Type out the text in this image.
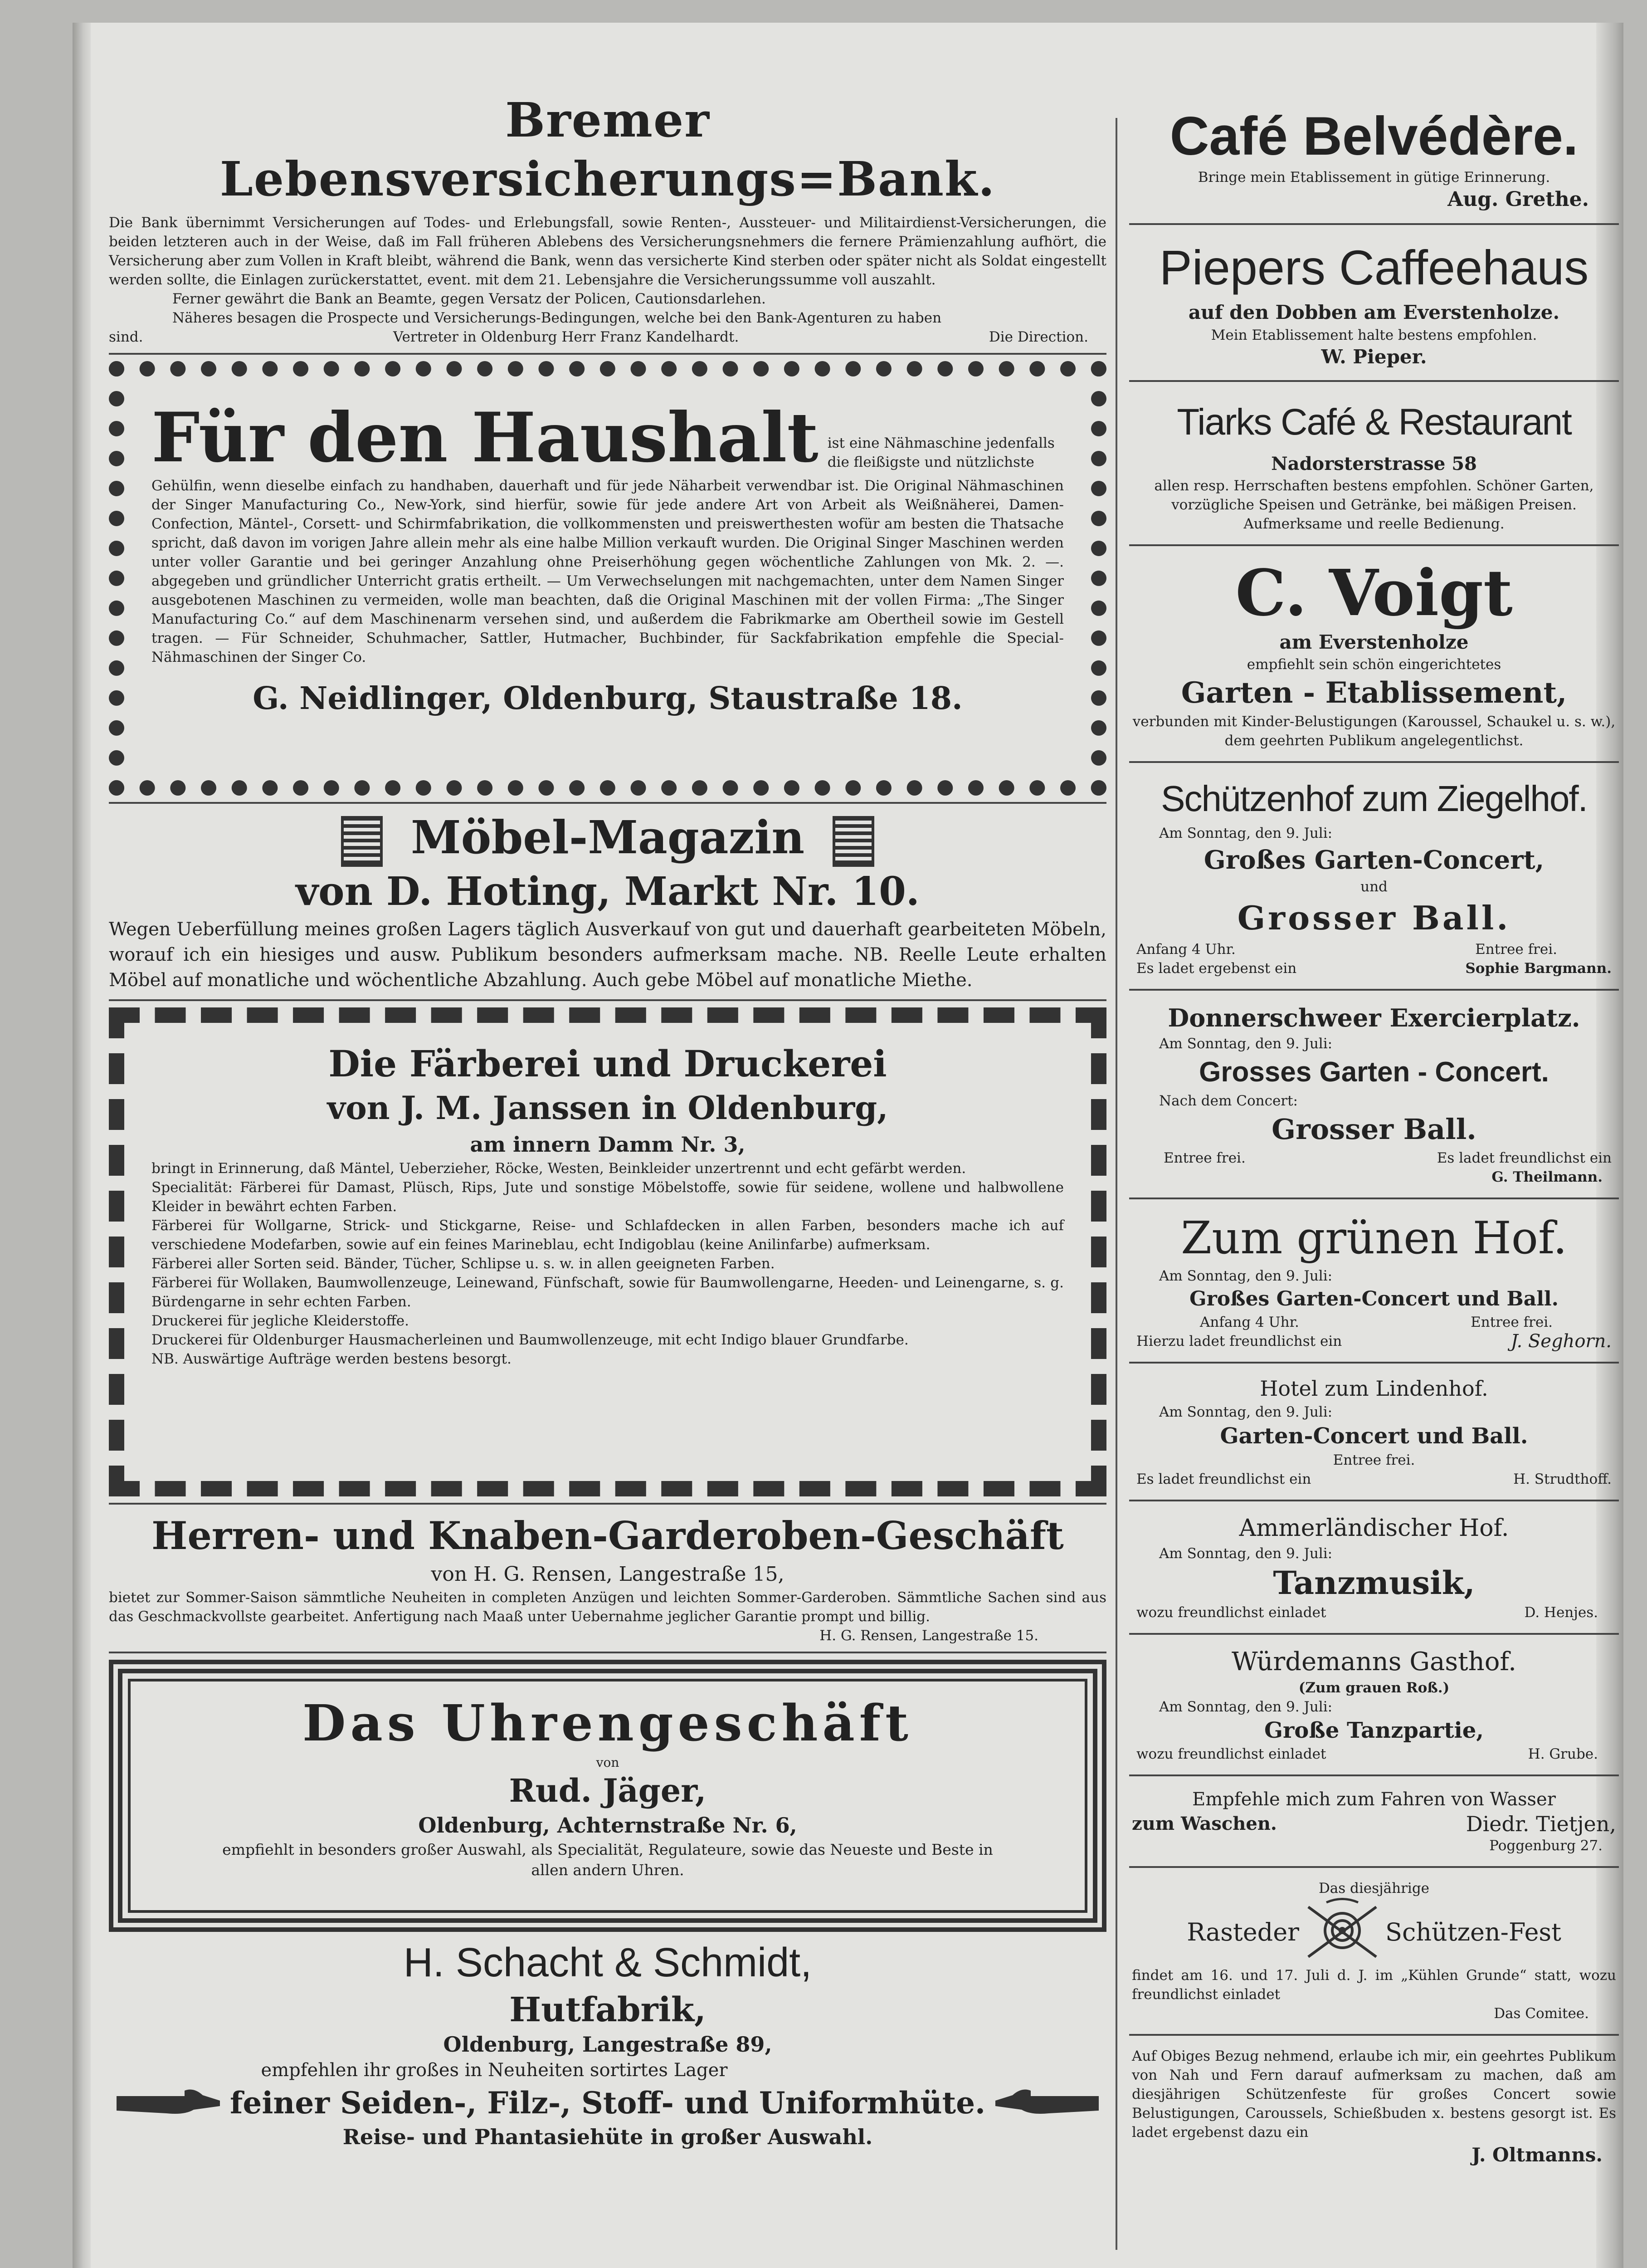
Bremer Lebensversicherungs=Bank.
Die Bank übernimmt Versicherungen auf Todes- und Erlebungsfall, sowie Renten-, Aussteuer- und Militairdienst-Versicherungen, die beiden letzteren auch in der Weise, daß im Fall früheren Ablebens des Versicherungsnehmers die fernere Prämienzahlung aufhört, die Versicherung aber zum Vollen in Kraft bleibt, während die Bank, wenn das versicherte Kind sterben oder später nicht als Soldat eingestellt werden sollte, die Einlagen zurückerstattet, event. mit dem 21. Lebensjahre die Versicherungssumme voll auszahlt.
Ferner gewährt die Bank an Beamte, gegen Versatz der Policen, Cautionsdarlehen.
Näheres besagen die Prospecte und Versicherungs-Bedingungen, welche bei den Bank-Agenturen zu haben
sind.	Vertreter in Oldenburg Herr Franz Kandelhardt.	Die Direction.
Für den Haushalt ist eine Nähmaschine jedenfalls die fleißigste und nützlichste
Gehülfin, wenn dieselbe einfach zu handhaben, dauerhaft und für jede Näharbeit verwendbar ist. Die Original Nähmaschinen der Singer Manufacturing Co., New-York, sind hierfür, sowie für jede andere Art von Arbeit als Weißnäherei, Damen-Confection, Mäntel-, Corsett- und Schirmfabrikation, die vollkommensten und preiswerthesten wofür am besten die Thatsache spricht, daß davon im vorigen Jahre allein mehr als eine halbe Million verkauft wurden. Die Original Singer Maschinen werden unter voller Garantie und bei geringer Anzahlung ohne Preiserhöhung gegen wöchentliche Zahlungen von Mk. 2. —. abgegeben und gründlicher Unterricht gratis ertheilt. — Um Verwechselungen mit nachgemachten, unter dem Namen Singer ausgebotenen Maschinen zu vermeiden, wolle man beachten, daß die Original Maschinen mit der vollen Firma: „The Singer Manufacturing Co.“ auf dem Maschinenarm versehen sind, und außerdem die Fabrikmarke am Obertheil sowie im Gestell tragen. — Für Schneider, Schuhmacher, Sattler, Hutmacher, Buchbinder, für Sackfabrikation empfehle die Special-Nähmaschinen der Singer Co.
G. Neidlinger, Oldenburg, Staustraße 18.
Möbel-Magazin
von D. Hoting, Markt Nr. 10.
Wegen Ueberfüllung meines großen Lagers täglich Ausverkauf von gut und dauerhaft gearbeiteten Möbeln, worauf ich ein hiesiges und ausw. Publikum besonders aufmerksam mache. NB. Reelle Leute erhalten Möbel auf monatliche und wöchentliche Abzahlung. Auch gebe Möbel auf monatliche Miethe.
Die Färberei und Druckerei
von J. M. Janssen in Oldenburg,
am innern Damm Nr. 3,
bringt in Erinnerung, daß Mäntel, Ueberzieher, Röcke, Westen, Beinkleider unzertrennt und echt gefärbt werden.
Specialität: Färberei für Damast, Plüsch, Rips, Jute und sonstige Möbelstoffe, sowie für seidene, wollene und halbwollene Kleider in bewährt echten Farben.
Färberei für Wollgarne, Strick- und Stickgarne, Reise- und Schlafdecken in allen Farben, besonders mache ich auf verschiedene Modefarben, sowie auf ein feines Marineblau, echt Indigoblau (keine Anilinfarbe) aufmerksam.
Färberei aller Sorten seid. Bänder, Tücher, Schlipse u. s. w. in allen geeigneten Farben.
Färberei für Wollaken, Baumwollenzeuge, Leinewand, Fünfschaft, sowie für Baumwollengarne, Heeden- und Leinengarne, s. g. Bürdengarne in sehr echten Farben.
Druckerei für jegliche Kleiderstoffe.
Druckerei für Oldenburger Hausmacherleinen und Baumwollenzeuge, mit echt Indigo blauer Grundfarbe.
NB. Auswärtige Aufträge werden bestens besorgt.
Herren- und Knaben-Garderoben-Geschäft
von H. G. Rensen, Langestraße 15,
bietet zur Sommer-Saison sämmtliche Neuheiten in completen Anzügen und leichten Sommer-Garderoben. Sämmtliche Sachen sind aus das Geschmackvollste gearbeitet. Anfertigung nach Maaß unter Uebernahme jeglicher Garantie prompt und billig.
H. G. Rensen, Langestraße 15.
Das Uhrengeschäft
von
Rud. Jäger,
Oldenburg, Achternstraße Nr. 6,
empfiehlt in besonders großer Auswahl, als Specialität, Regulateure, sowie das Neueste und Beste in allen andern Uhren.
H. Schacht & Schmidt,
Hutfabrik,
Oldenburg, Langestraße 89,
empfehlen ihr großes in Neuheiten sortirtes Lager
feiner Seiden-, Filz-, Stoff- und Uniformhüte.
Reise- und Phantasiehüte in großer Auswahl.
Café Belvédère.
Bringe mein Etablissement in gütige Erinnerung.
Aug. Grethe.
Piepers Caffeehaus
auf den Dobben am Everstenholze.
Mein Etablissement halte bestens empfohlen.
W. Pieper.
Tiarks Café & Restaurant
Nadorsterstrasse 58
allen resp. Herrschaften bestens empfohlen. Schöner Garten, vorzügliche Speisen und Getränke, bei mäßigen Preisen. Aufmerksame und reelle Bedienung.
C. Voigt
am Everstenholze
empfiehlt sein schön eingerichtetes
Garten - Etablissement,
verbunden mit Kinder-Belustigungen (Karoussel, Schaukel u. s. w.), dem geehrten Publikum angelegentlichst.
Schützenhof zum Ziegelhof.
Am Sonntag, den 9. Juli:
Großes Garten-Concert,
und
Grosser Ball.
Anfang 4 Uhr.	Entree frei.
Es ladet ergebenst ein	Sophie Bargmann.
Donnerschweer Exercierplatz.
Am Sonntag, den 9. Juli:
Grosses Garten - Concert.
Nach dem Concert:
Grosser Ball.
Entree frei.	Es ladet freundlichst ein
G. Theilmann.
Zum grünen Hof.
Am Sonntag, den 9. Juli:
Großes Garten-Concert und Ball.
Anfang 4 Uhr.	Entree frei.
Hierzu ladet freundlichst ein	J. Seghorn.
Hotel zum Lindenhof.
Am Sonntag, den 9. Juli:
Garten-Concert und Ball.
Entree frei.
Es ladet freundlichst ein	H. Strudthoff.
Ammerländischer Hof.
Am Sonntag, den 9. Juli:
Tanzmusik,
wozu freundlichst einladet	D. Henjes.
Würdemanns Gasthof.
(Zum grauen Roß.)
Am Sonntag, den 9. Juli:
Große Tanzpartie,
wozu freundlichst einladet	H. Grube.
Empfehle mich zum Fahren von Wasser
zum Waschen.	Diedr. Tietjen,
Poggenburg 27.
Das diesjährige
Rasteder	Schützen-Fest
findet am 16. und 17. Juli d. J. im „Kühlen Grunde“ statt, wozu freundlichst einladet
Das Comitee.
Auf Obiges Bezug nehmend, erlaube ich mir, ein geehrtes Publikum von Nah und Fern darauf aufmerksam zu machen, daß am diesjährigen Schützenfeste für großes Concert sowie Belustigungen, Caroussels, Schießbuden x. bestens gesorgt ist. Es ladet ergebenst dazu ein
J. Oltmanns.
